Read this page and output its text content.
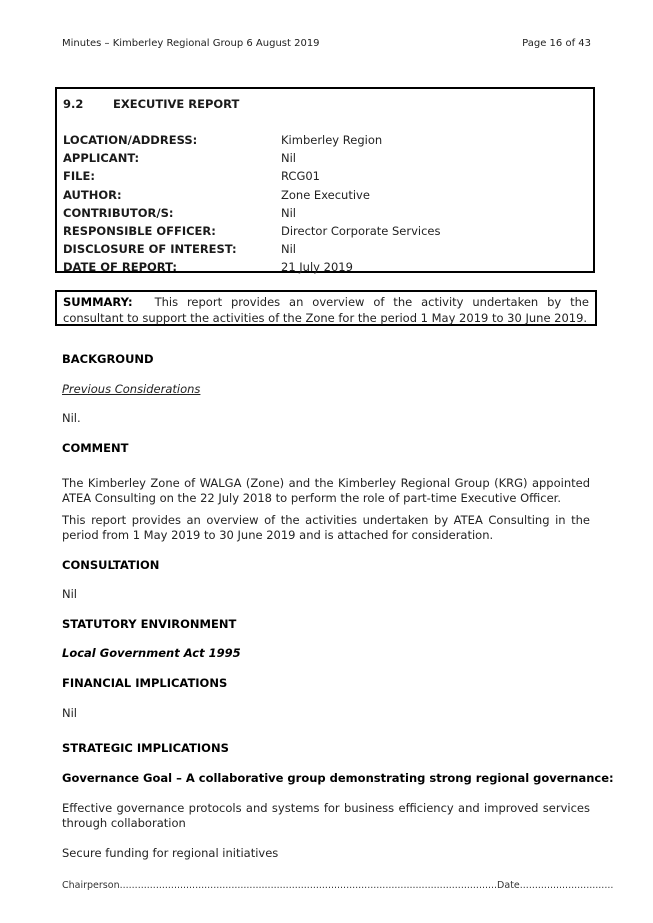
Minutes – Kimberley Regional Group 6 August 2019	Page 16 of 43
9.2	EXECUTIVE REPORT
LOCATION/ADDRESS:	Kimberley Region
APPLICANT:	Nil
FILE:	RCG01
AUTHOR:	Zone Executive
CONTRIBUTOR/S:	Nil
RESPONSIBLE OFFICER:	Director Corporate Services
DISCLOSURE OF INTEREST:	Nil
DATE OF REPORT:	21 July 2019
SUMMARY: This report provides an overview of the activity undertaken by the consultant to support the activities of the Zone for the period 1 May 2019 to 30 June 2019.

BACKGROUND

Previous Considerations

Nil.

COMMENT

The Kimberley Zone of WALGA (Zone) and the Kimberley Regional Group (KRG) appointed ATEA Consulting on the 22 July 2018 to perform the role of part-time Executive Officer.

This report provides an overview of the activities undertaken by ATEA Consulting in the period from 1 May 2019 to 30 June 2019 and is attached for consideration.

CONSULTATION

Nil

STATUTORY ENVIRONMENT

Local Government Act 1995

FINANCIAL IMPLICATIONS

Nil

STRATEGIC IMPLICATIONS

Governance Goal – A collaborative group demonstrating strong regional governance:

Effective governance protocols and systems for business efficiency and improved services through collaboration

Secure funding for regional initiatives

Chairperson.............................................................................................................................Date...............................
